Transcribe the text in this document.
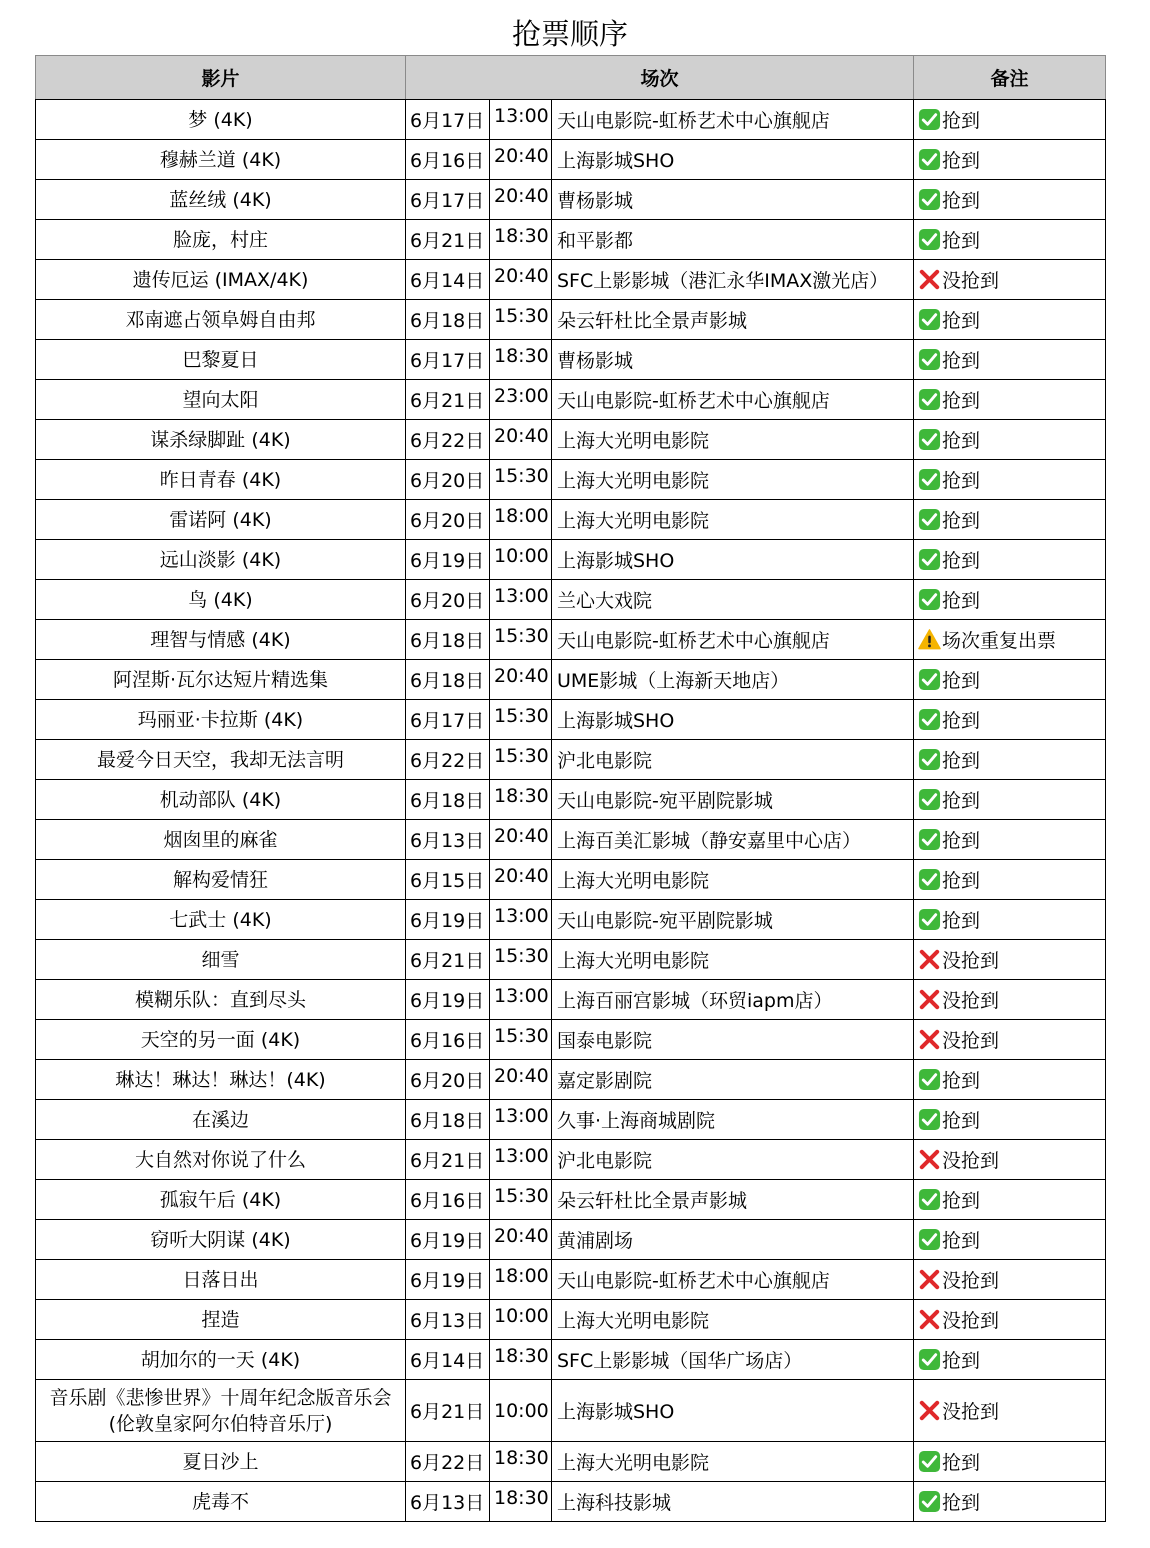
抢票顺序
影片	场次			备注
梦 (4K)	6月17日	13:00	天山电影院-虹桥艺术中心旗舰店	抢到
穆赫兰道 (4K)	6月16日	20:40	上海影城SHO	抢到
蓝丝绒 (4K)	6月17日	20:40	曹杨影城	抢到
脸庞，村庄	6月21日	18:30	和平影都	抢到
遗传厄运 (IMAX/4K)	6月14日	20:40	SFC上影影城（港汇永华IMAX激光店）	没抢到
邓南遮占领阜姆自由邦	6月18日	15:30	朵云轩杜比全景声影城	抢到
巴黎夏日	6月17日	18:30	曹杨影城	抢到
望向太阳	6月21日	23:00	天山电影院-虹桥艺术中心旗舰店	抢到
谋杀绿脚趾 (4K)	6月22日	20:40	上海大光明电影院	抢到
昨日青春 (4K)	6月20日	15:30	上海大光明电影院	抢到
雷诺阿 (4K)	6月20日	18:00	上海大光明电影院	抢到
远山淡影 (4K)	6月19日	10:00	上海影城SHO	抢到
鸟 (4K)	6月20日	13:00	兰心大戏院	抢到
理智与情感 (4K)	6月18日	15:30	天山电影院-虹桥艺术中心旗舰店	场次重复出票
阿涅斯·瓦尔达短片精选集	6月18日	20:40	UME影城（上海新天地店）	抢到
玛丽亚·卡拉斯 (4K)	6月17日	15:30	上海影城SHO	抢到
最爱今日天空，我却无法言明	6月22日	15:30	沪北电影院	抢到
机动部队 (4K)	6月18日	18:30	天山电影院-宛平剧院影城	抢到
烟囱里的麻雀	6月13日	20:40	上海百美汇影城（静安嘉里中心店）	抢到
解构爱情狂	6月15日	20:40	上海大光明电影院	抢到
七武士 (4K)	6月19日	13:00	天山电影院-宛平剧院影城	抢到
细雪	6月21日	15:30	上海大光明电影院	没抢到
模糊乐队：直到尽头	6月19日	13:00	上海百丽宫影城（环贸iapm店）	没抢到
天空的另一面 (4K)	6月16日	15:30	国泰电影院	没抢到
琳达！琳达！琳达！(4K)	6月20日	20:40	嘉定影剧院	抢到
在溪边	6月18日	13:00	久事·上海商城剧院	抢到
大自然对你说了什么	6月21日	13:00	沪北电影院	没抢到
孤寂午后 (4K)	6月16日	15:30	朵云轩杜比全景声影城	抢到
窃听大阴谋 (4K)	6月19日	20:40	黄浦剧场	抢到
日落日出	6月19日	18:00	天山电影院-虹桥艺术中心旗舰店	没抢到
捏造	6月13日	10:00	上海大光明电影院	没抢到
胡加尔的一天 (4K)	6月14日	18:30	SFC上影影城（国华广场店）	抢到
音乐剧《悲惨世界》十周年纪念版音乐会
(伦敦皇家阿尔伯特音乐厅)	6月21日	10:00	上海影城SHO	没抢到
夏日沙上	6月22日	18:30	上海大光明电影院	抢到
虎毒不	6月13日	18:30	上海科技影城	抢到
